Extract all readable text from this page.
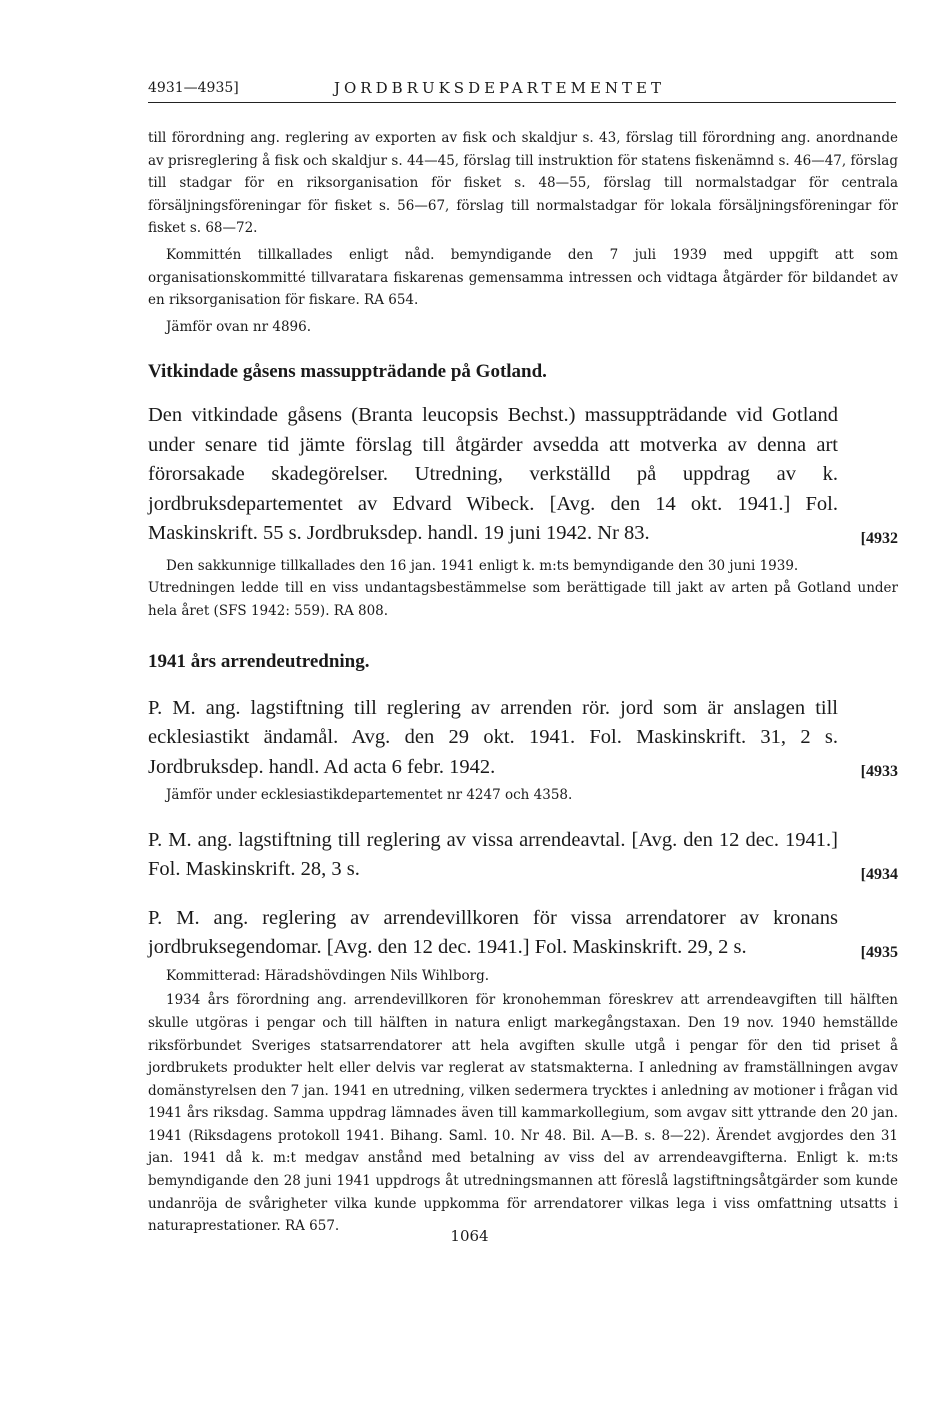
4931—4935]	JORDBRUKSDEPARTEMENTET

till förordning ang. reglering av exporten av fisk och skaldjur s. 43, förslag till förordning ang. anordnande av prisreglering å fisk och skaldjur s. 44—45, förslag till instruktion för statens fiskenämnd s. 46—47, förslag till stadgar för en riksorganisation för fisket s. 48—55, förslag till normalstadgar för centrala försäljningsföreningar för fisket s. 56—67, förslag till normalstadgar för lokala försäljningsföreningar för fisket s. 68—72.

Kommittén tillkallades enligt nåd. bemyndigande den 7 juli 1939 med uppgift att som organisationskommitté tillvaratага fiskarenas gemensamma intressen och vidtaga åtgärder för bildandet av en riksorganisation för fiskare. RA 654.

Jämför ovan nr 4896.

Vitkindade gåsens massuppträdande på Gotland.

Den vitkindade gåsens (Branta leucopsis Bechst.) massuppträdande vid Gotland under senare tid jämte förslag till åtgärder avsedda att motverka av denna art förorsakade skadegörelser. Utredning, verkställd på uppdrag av k. jordbruksdepartementet av Edvard Wibeck. [Avg. den 14 okt. 1941.] Fol. Maskinskrift. 55 s. Jordbruksdep. handl. 19 juni 1942. Nr 83.	[4932

Den sakkunnige tillkallades den 16 jan. 1941 enligt k. m:ts bemyndigande den 30 juni 1939.

Utredningen ledde till en viss undantagsbestämmelse som berättigade till jakt av arten på Gotland under hela året (SFS 1942: 559). RA 808.

1941 års arrendeutredning.

P. M. ang. lagstiftning till reglering av arrenden rör. jord som är anslagen till ecklesiastikt ändamål. Avg. den 29 okt. 1941. Fol. Maskinskrift. 31, 2 s. Jordbruksdep. handl. Ad acta 6 febr. 1942.	[4933

Jämför under ecklesiastikdepartementet nr 4247 och 4358.

P. M. ang. lagstiftning till reglering av vissa arrendeavtal. [Avg. den 12 dec. 1941.] Fol. Maskinskrift. 28, 3 s.	[4934

P. M. ang. reglering av arrendevillkoren för vissa arrendatorer av kronans jordbruksegendomar. [Avg. den 12 dec. 1941.] Fol. Maskinskrift. 29, 2 s.	[4935

Kommitterad: Häradshövdingen Nils Wihlborg.

1934 års förordning ang. arrendevillkoren för kronohemman föreskrev att arrendeavgiften till hälften skulle utgöras i pengar och till hälften in natura enligt markegångstaxan. Den 19 nov. 1940 hemställde riksförbundet Sveriges statsarrendatorer att hela avgiften skulle utgå i pengar för den tid priset å jordbrukets produkter helt eller delvis var reglerat av statsmakterna. I anledning av framställningen avgav domänstyrelsen den 7 jan. 1941 en utredning, vilken sedermera trycktes i anledning av motioner i frågan vid 1941 års riksdag. Samma uppdrag lämnades även till kammarkollegium, som avgav sitt yttrande den 20 jan. 1941 (Riksdagens protokoll 1941. Bihang. Saml. 10. Nr 48. Bil. A—B. s. 8—22). Ärendet avgjordes den 31 jan. 1941 då k. m:t medgav anstånd med betalning av viss del av arrendeavgifterna. Enligt k. m:ts bemyndigande den 28 juni 1941 uppdrogs åt utredningsmannen att föreslå lagstiftningsåtgärder som kunde undanröja de svårigheter vilka kunde uppkomma för arrendatorer vilkas lega i viss omfattning utsatts i naturaprestationer. RA 657.

1064
